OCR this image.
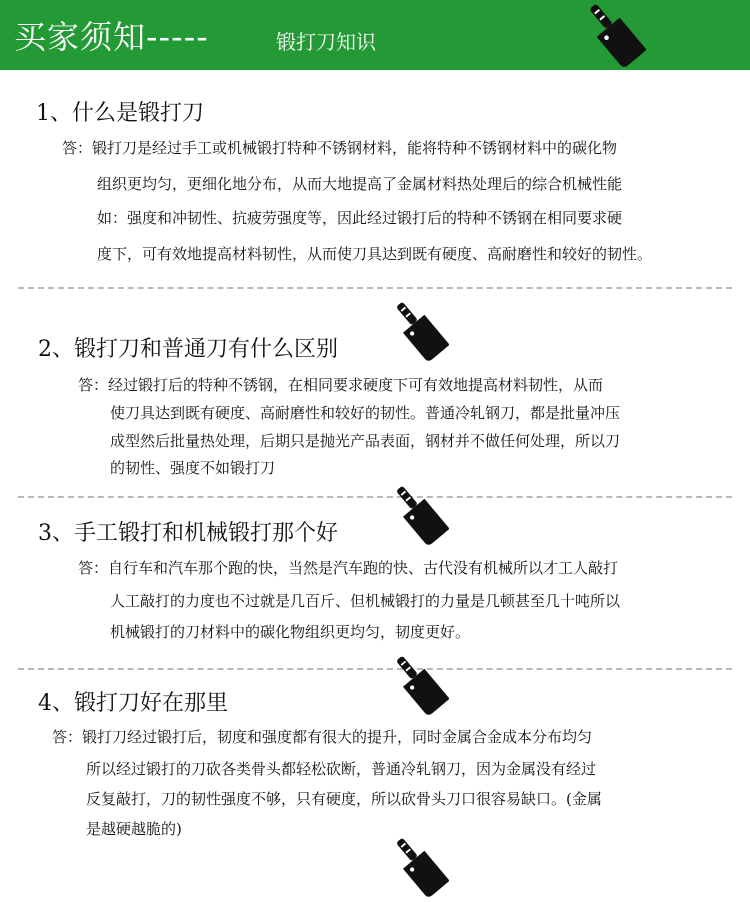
买家须知-----	锻打刀知识
1、什么是锻打刀
答：锻打刀是经过手工或机械锻打特种不锈钢材料，能将特种不锈钢材料中的碳化物
组织更均匀，更细化地分布，从而大地提高了金属材料热处理后的综合机械性能
如：强度和冲韧性、抗疲劳强度等，因此经过锻打后的特种不锈钢在相同要求硬
度下，可有效地提高材料韧性，从而使刀具达到既有硬度、高耐磨性和较好的韧性。
2、锻打刀和普通刀有什么区别
答：经过锻打后的特种不锈钢，在相同要求硬度下可有效地提高材料韧性，从而
使刀具达到既有硬度、高耐磨性和较好的韧性。普通冷轧钢刀，都是批量冲压
成型然后批量热处理，后期只是抛光产品表面，钢材并不做任何处理，所以刀
的韧性、强度不如锻打刀
3、手工锻打和机械锻打那个好
答：自行车和汽车那个跑的快，当然是汽车跑的快、古代没有机械所以才工人敲打
人工敲打的力度也不过就是几百斤、但机械锻打的力量是几顿甚至几十吨所以
机械锻打的刀材料中的碳化物组织更均匀，韧度更好。
4、锻打刀好在那里
答：锻打刀经过锻打后，韧度和强度都有很大的提升，同时金属合金成本分布均匀
所以经过锻打的刀砍各类骨头都轻松砍断，普通冷轧钢刀，因为金属没有经过
反复敲打，刀的韧性强度不够，只有硬度，所以砍骨头刀口很容易缺口。(金属
是越硬越脆的)
